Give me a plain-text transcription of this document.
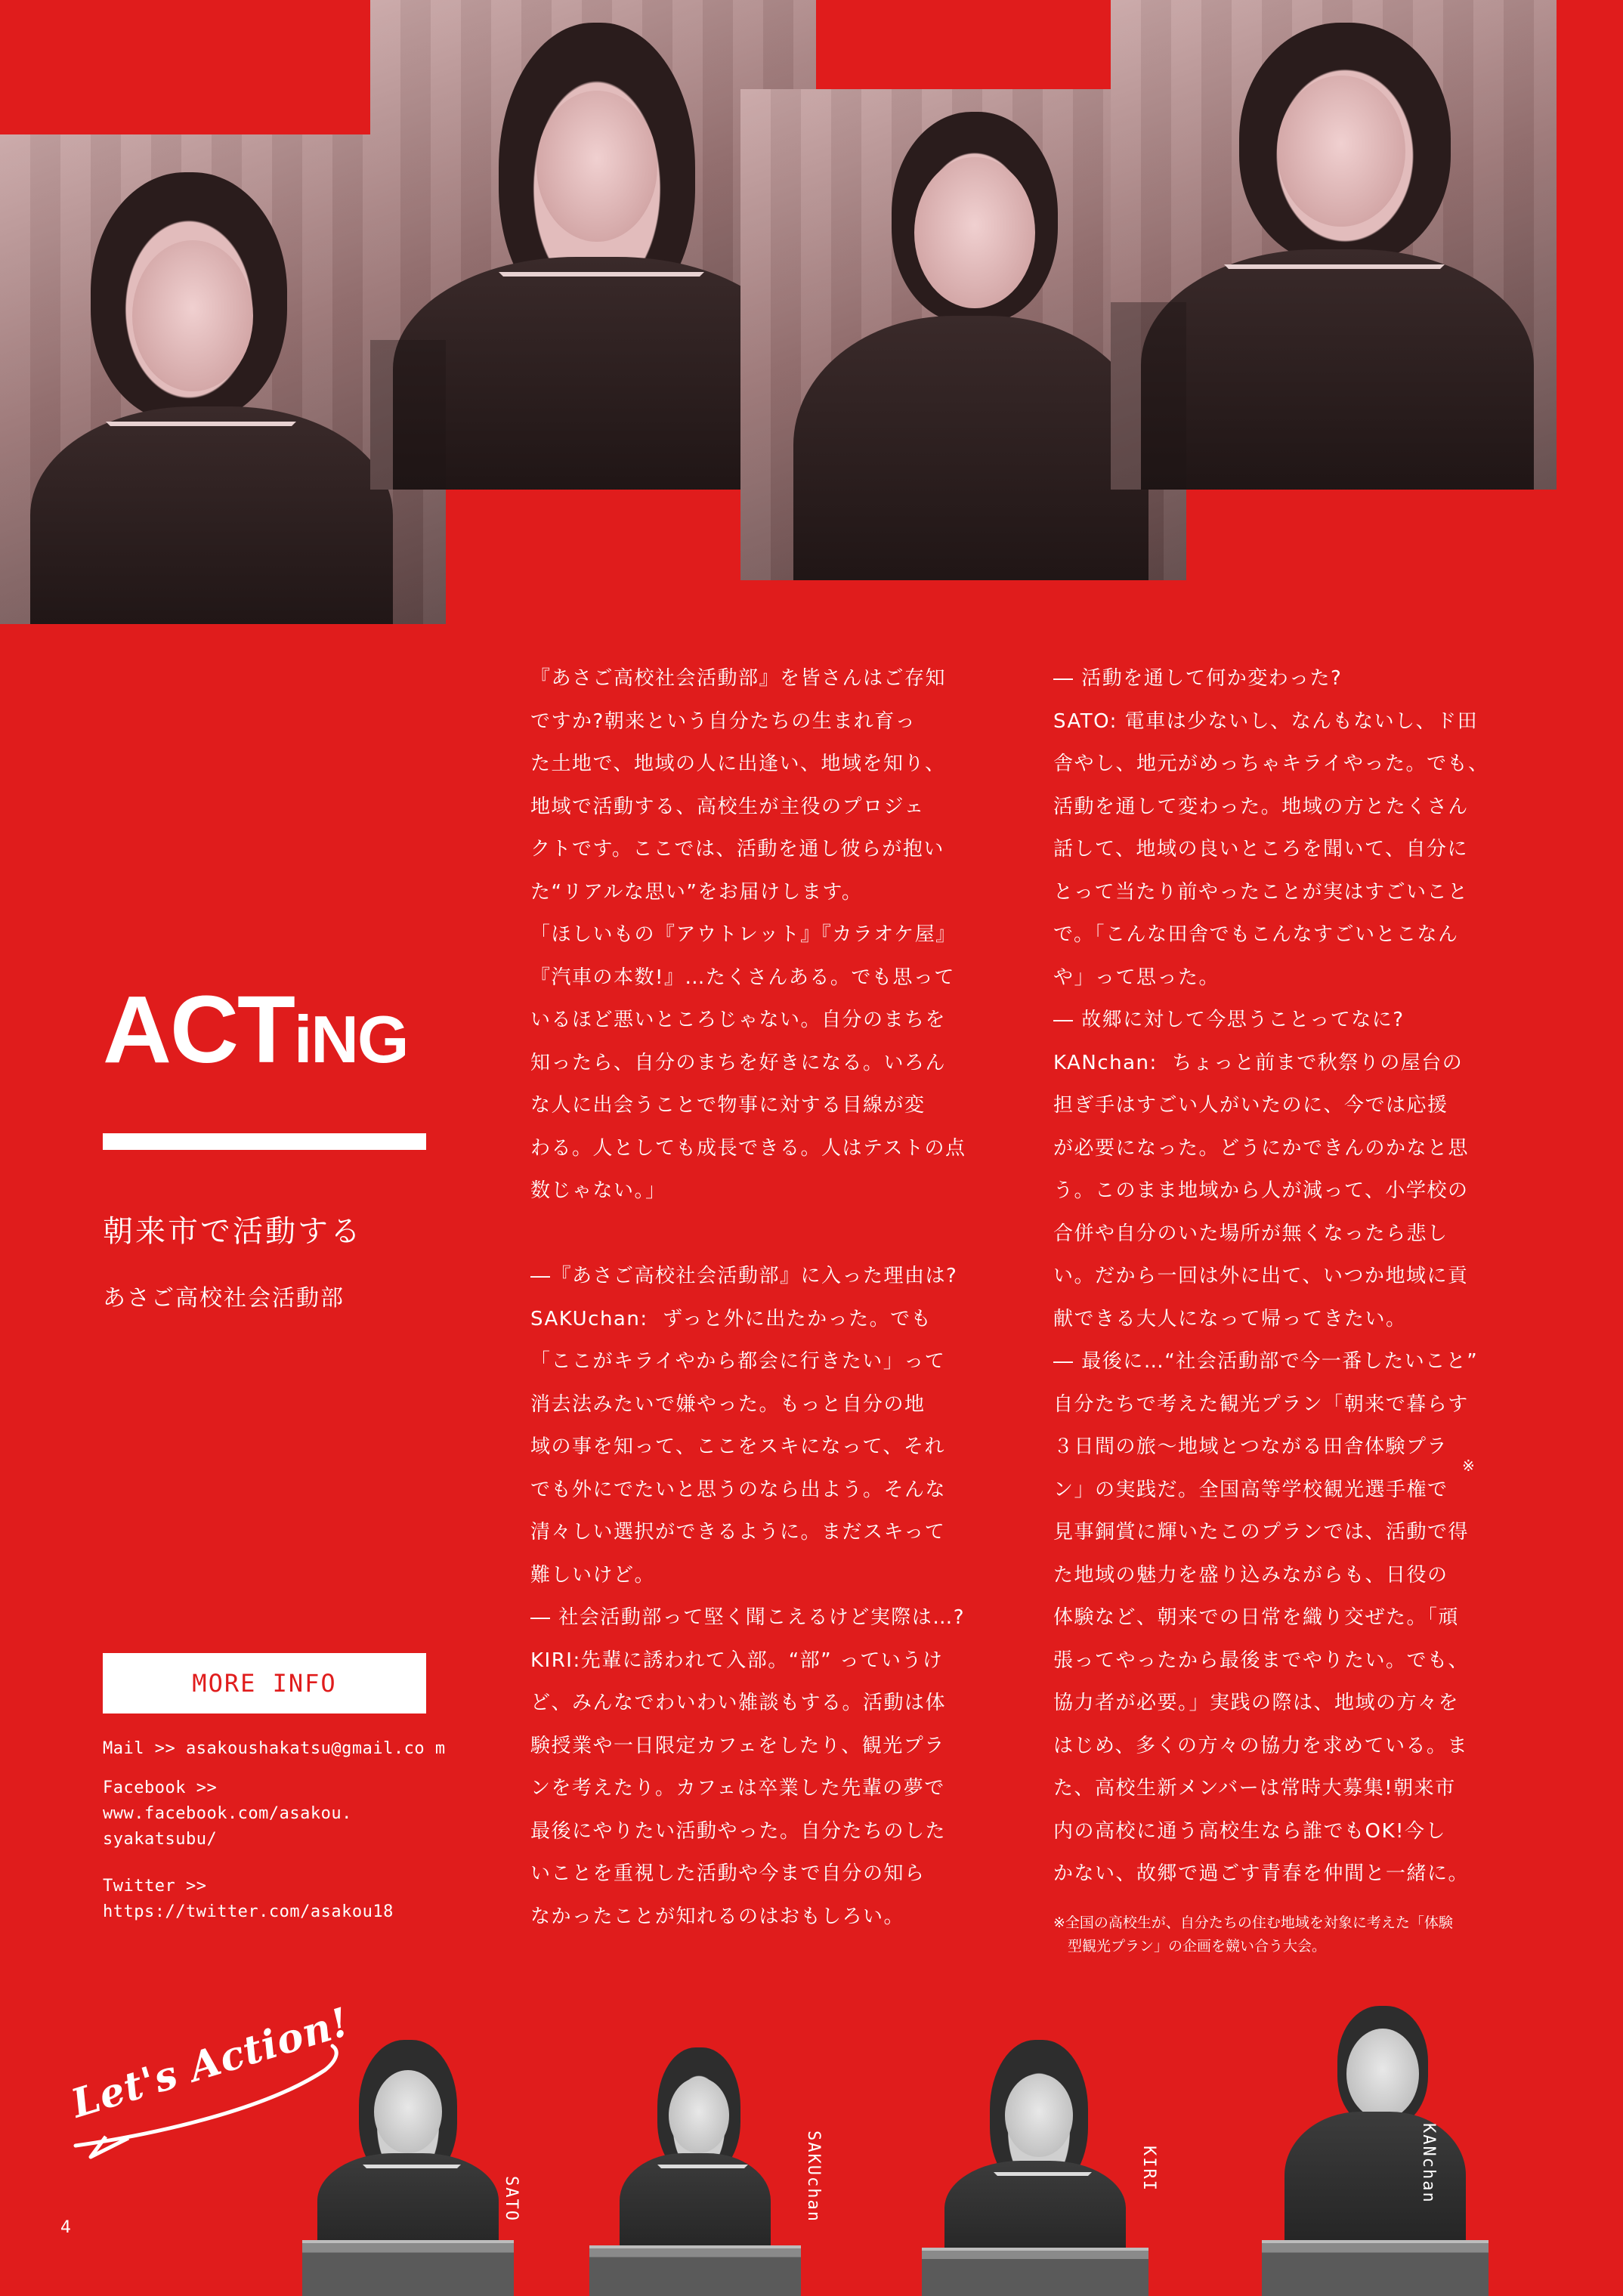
ACTiNG
朝来市で活動する
あさご高校社会活動部
MORE INFO
Mail >> asakoushakatsu@gmail.co m
Facebook >>
www.facebook.com/asakou.
syakatsubu/
Twitter >>
https://twitter.com/asakou18
『あさご高校社会活動部』を皆さんはご存知
ですか?朝来という自分たちの生まれ育っ
た土地で、地域の人に出逢い、地域を知り、
地域で活動する、高校生が主役のプロジェ
クトです。ここでは、活動を通し彼らが抱い
た“リアルな思い”をお届けします。
「ほしいもの『アウトレット』『カラオケ屋』
『汽車の本数!』…たくさんある。でも思って
いるほど悪いところじゃない。自分のまちを
知ったら、自分のまちを好きになる。いろん
な人に出会うことで物事に対する目線が変
わる。人としても成長できる。人はテストの点
数じゃない。」

―『あさご高校社会活動部』に入った理由は?
SAKUchan:  ずっと外に出たかった。でも
「ここがキライやから都会に行きたい」って
消去法みたいで嫌やった。もっと自分の地
域の事を知って、ここをスキになって、それ
でも外にでたいと思うのなら出よう。そんな
清々しい選択ができるように。まだスキって
難しいけど。
― 社会活動部って堅く聞こえるけど実際は…?
KIRI:先輩に誘われて入部。“部” っていうけ
ど、みんなでわいわい雑談もする。活動は体
験授業や一日限定カフェをしたり、観光プラ
ンを考えたり。カフェは卒業した先輩の夢で
最後にやりたい活動やった。自分たちのした
いことを重視した活動や今まで自分の知ら
なかったことが知れるのはおもしろい。
― 活動を通して何か変わった?
SATO: 電車は少ないし、なんもないし、ド田
舎やし、地元がめっちゃキライやった。でも、
活動を通して変わった。地域の方とたくさん
話して、地域の良いところを聞いて、自分に
とって当たり前やったことが実はすごいこと
で。「こんな田舎でもこんなすごいとこなん
や」って思った。
― 故郷に対して今思うことってなに?
KANchan:  ちょっと前まで秋祭りの屋台の
担ぎ手はすごい人がいたのに、今では応援
が必要になった。どうにかできんのかなと思
う。このまま地域から人が減って、小学校の
合併や自分のいた場所が無くなったら悲し
い。だから一回は外に出て、いつか地域に貢
献できる大人になって帰ってきたい。
― 最後に…“社会活動部で今一番したいこと”
自分たちで考えた観光プラン「朝来で暮らす
３日間の旅～地域とつながる田舎体験プラ
ン」の実践だ。全国高等学校観光選手権で
見事銅賞に輝いたこのプランでは、活動で得
た地域の魅力を盛り込みながらも、日役の
体験など、朝来での日常を織り交ぜた。「頑
張ってやったから最後までやりたい。でも、
協力者が必要。」実践の際は、地域の方々を
はじめ、多くの方々の協力を求めている。ま
た、高校生新メンバーは常時大募集!朝来市
内の高校に通う高校生なら誰でもOK!今し
かない、故郷で過ごす青春を仲間と一緒に。
※
※全国の高校生が、自分たちの住む地域を対象に考えた「体験
　型観光プラン」の企画を競い合う大会。
Let's Action!
4
SATO	SAKUchan	KIRI	KANchan
